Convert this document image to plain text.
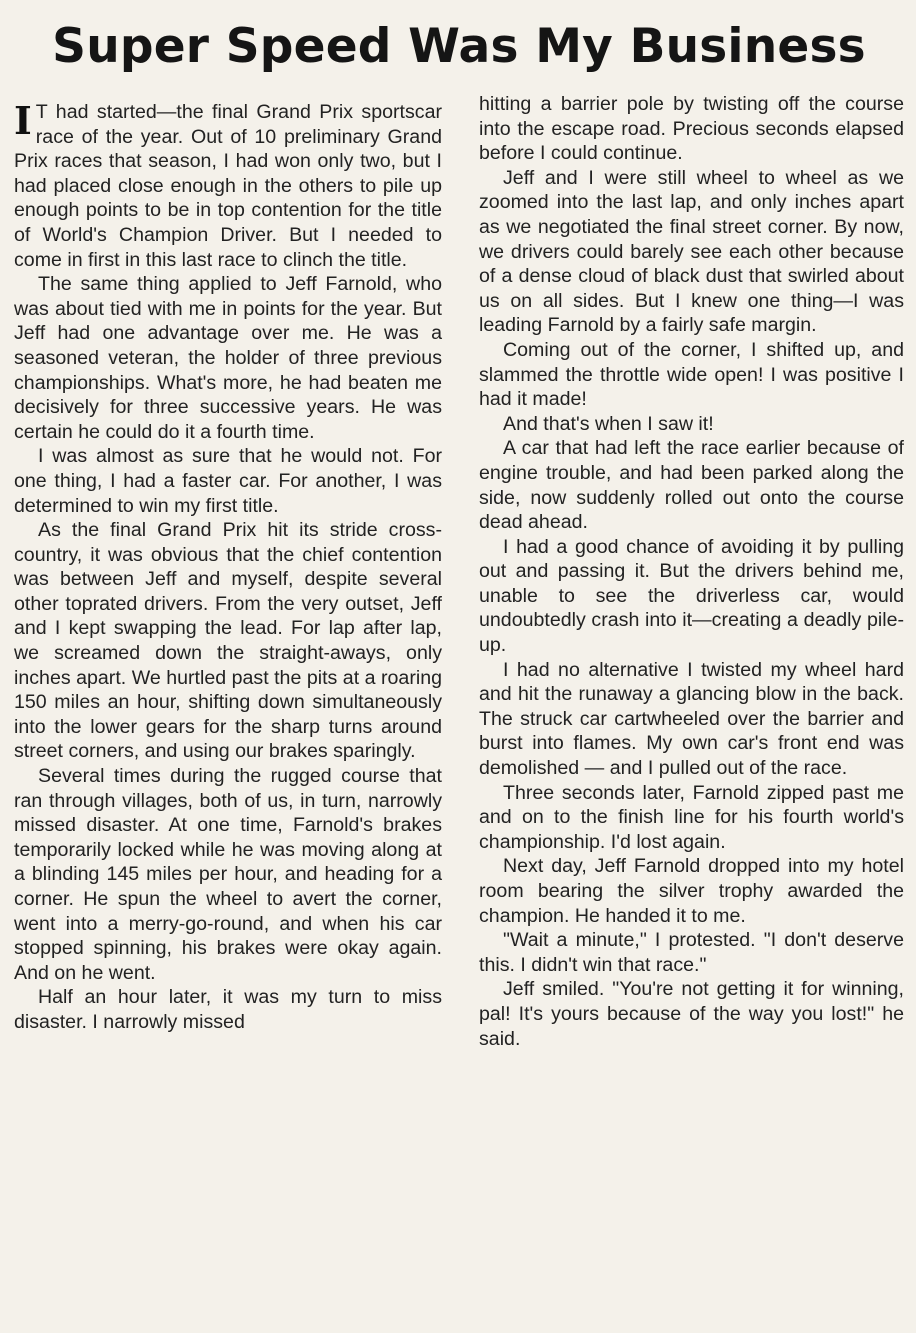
Super Speed Was My Business

I T had started—the final Grand Prix sportscar race of the year. Out of 10 preliminary Grand Prix races that season, I had won only two, but I had placed close enough in the others to pile up enough points to be in top contention for the title of World's Champion Driver. But I needed to come in first in this last race to clinch the title.

The same thing applied to Jeff Farnold, who was about tied with me in points for the year. But Jeff had one advantage over me. He was a seasoned veteran, the holder of three previous championships. What's more, he had beaten me decisively for three successive years. He was certain he could do it a fourth time.

I was almost as sure that he would not. For one thing, I had a faster car. For another, I was determined to win my first title.

As the final Grand Prix hit its stride cross-country, it was obvious that the chief contention was between Jeff and myself, despite several other toprated drivers. From the very outset, Jeff and I kept swapping the lead. For lap after lap, we screamed down the straight-aways, only inches apart. We hurtled past the pits at a roaring 150 miles an hour, shifting down simultaneously into the lower gears for the sharp turns around street corners, and using our brakes sparingly.

Several times during the rugged course that ran through villages, both of us, in turn, narrowly missed disaster. At one time, Farnold's brakes temporarily locked while he was moving along at a blinding 145 miles per hour, and heading for a corner. He spun the wheel to avert the corner, went into a merry-go-round, and when his car stopped spinning, his brakes were okay again. And on he went.

Half an hour later, it was my turn to miss disaster. I narrowly missed

hitting a barrier pole by twisting off the course into the escape road. Precious seconds elapsed before I could continue.

Jeff and I were still wheel to wheel as we zoomed into the last lap, and only inches apart as we negotiated the final street corner. By now, we drivers could barely see each other because of a dense cloud of black dust that swirled about us on all sides. But I knew one thing—I was leading Farnold by a fairly safe margin.

Coming out of the corner, I shifted up, and slammed the throttle wide open! I was positive I had it made!

And that's when I saw it!

A car that had left the race earlier because of engine trouble, and had been parked along the side, now suddenly rolled out onto the course dead ahead.

I had a good chance of avoiding it by pulling out and passing it. But the drivers behind me, unable to see the driverless car, would undoubtedly crash into it—creating a deadly pile-up.

I had no alternative I twisted my wheel hard and hit the runaway a glancing blow in the back. The struck car cartwheeled over the barrier and burst into flames. My own car's front end was demolished — and I pulled out of the race.

Three seconds later, Farnold zipped past me and on to the finish line for his fourth world's championship. I'd lost again.

Next day, Jeff Farnold dropped into my hotel room bearing the silver trophy awarded the champion. He handed it to me.

"Wait a minute," I protested. "I don't deserve this. I didn't win that race."

Jeff smiled. "You're not getting it for winning, pal! It's yours because of the way you lost!" he said.
